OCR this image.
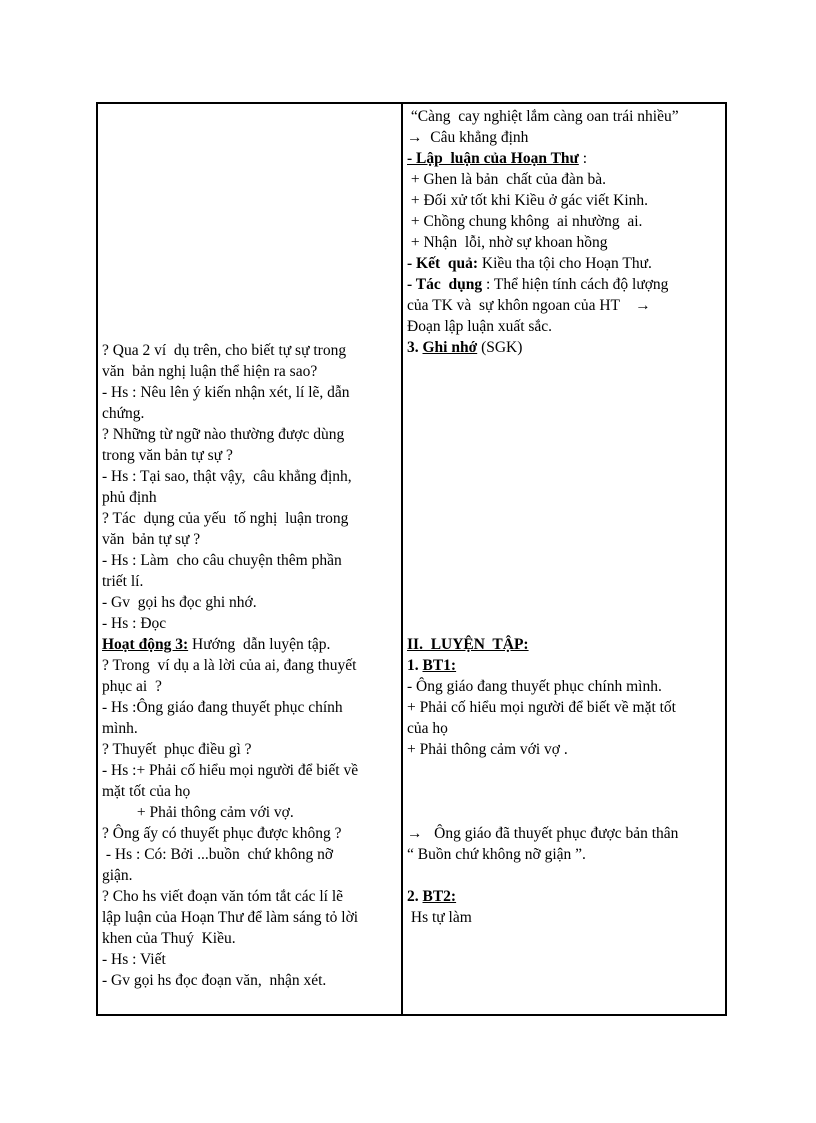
? Qua 2 ví  dụ trên, cho biết tự sự trong
văn  bản nghị luận thể hiện ra sao?
- Hs : Nêu lên ý kiến nhận xét, lí lẽ, dẫn
chứng.
? Những từ ngữ nào thường được dùng
trong văn bản tự sự ?
- Hs : Tại sao, thật vậy,  câu khẳng định,
phủ định
? Tác  dụng của yếu  tố nghị  luận trong
văn  bản tự sự ?
- Hs : Làm  cho câu chuyện thêm phần
triết lí.
- Gv  gọi hs đọc ghi nhớ.
- Hs : Đọc
Hoạt động 3: Hướng  dẫn luyện tập.
? Trong  ví dụ a là lời của ai, đang thuyết
phục ai  ?
- Hs :Ông giáo đang thuyết phục chính
mình.
? Thuyết  phục điều gì ?
- Hs :+ Phải cố hiểu mọi người để biết về
mặt tốt của họ
+ Phải thông cảm với vợ.
? Ông ấy có thuyết phục được không ?
- Hs : Có: Bởi ...buồn  chứ không nỡ
giận.
? Cho hs viết đoạn văn tóm tắt các lí lẽ
lập luận của Hoạn Thư để làm sáng tỏ lời
khen của Thuý  Kiều.
- Hs : Viết
- Gv gọi hs đọc đoạn văn,  nhận xét.
“Càng  cay nghiệt lắm càng oan trái nhiều”
→  Câu khẳng định
- Lập  luận của Hoạn Thư :
+ Ghen là bản  chất của đàn bà.
+ Đối xử tốt khi Kiều ở gác viết Kinh.
+ Chồng chung không  ai nhường  ai.
+ Nhận  lỗi, nhờ sự khoan hồng
- Kết  quả: Kiều tha tội cho Hoạn Thư.
- Tác  dụng : Thể hiện tính cách độ lượng
của TK và  sự khôn ngoan của HT    →
Đoạn lập luận xuất sắc.
3. Ghi nhớ (SGK)
II.  LUYỆN  TẬP:
1. BT1:
- Ông giáo đang thuyết phục chính mình.
+ Phải cố hiểu mọi người để biết về mặt tốt
của họ
+ Phải thông cảm với vợ .
→   Ông giáo đã thuyết phục được bản thân
“ Buồn chứ không nỡ giận ”.
2. BT2:
Hs tự làm
